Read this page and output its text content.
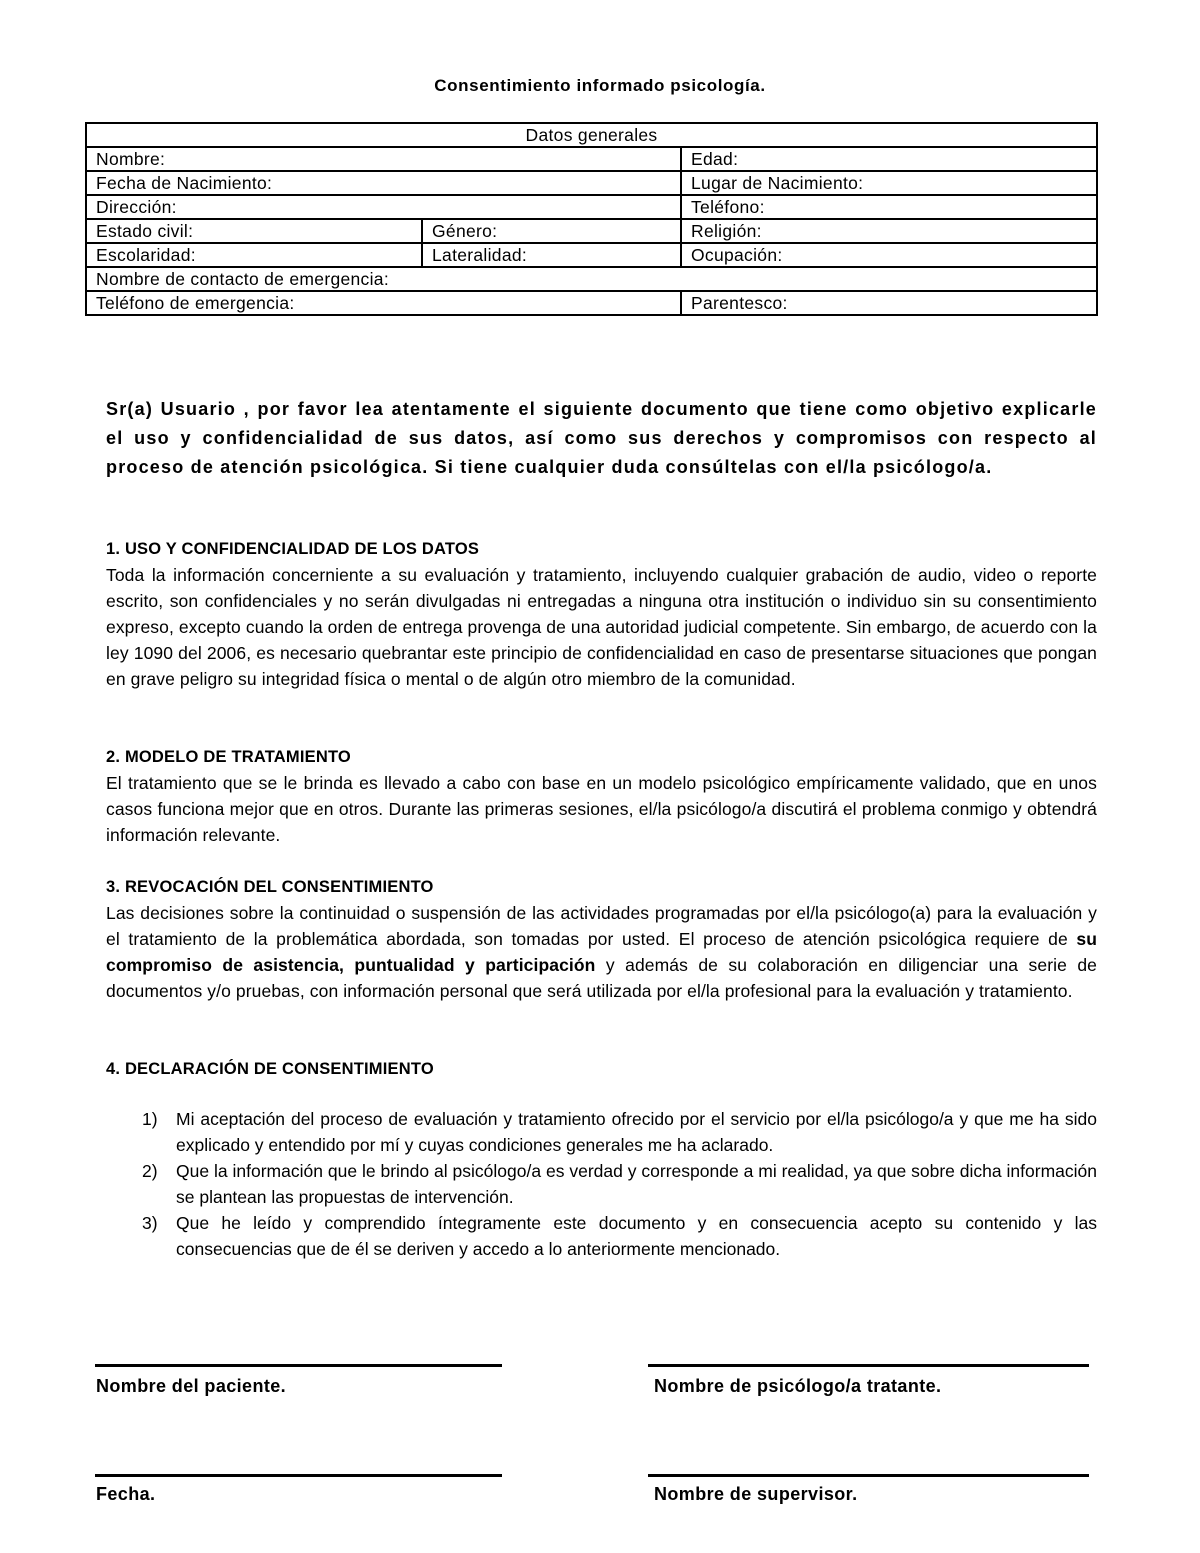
Consentimiento informado psicología.
Datos generales		
Nombre:		Edad:
Fecha de Nacimiento:		Lugar de Nacimiento:
Dirección:		Teléfono:
Estado civil:	Género:	Religión:
Escolaridad:	Lateralidad:	Ocupación:
Nombre de contacto de emergencia:		
Teléfono de emergencia:		Parentesco:
Sr(a) Usuario , por favor lea atentamente el siguiente documento que tiene como objetivo explicarle el uso y confidencialidad de sus datos, así como sus derechos y compromisos con respecto al proceso de atención psicológica. Si tiene cualquier duda consúltelas con el/la psicólogo/a.
1. USO Y CONFIDENCIALIDAD DE LOS DATOS
Toda la información concerniente a su evaluación y tratamiento, incluyendo cualquier grabación de audio, video o reporte escrito, son confidenciales y no serán divulgadas ni entregadas a ninguna otra institución o individuo sin su consentimiento expreso, excepto cuando la orden de entrega provenga de una autoridad judicial competente. Sin embargo, de acuerdo con la ley 1090 del 2006, es necesario quebrantar este principio de confidencialidad en caso de presentarse situaciones que pongan en grave peligro su integridad física o mental o de algún otro miembro de la comunidad.
2. MODELO DE TRATAMIENTO
El tratamiento que se le brinda es llevado a cabo con base en un modelo psicológico empíricamente validado, que en unos casos funciona mejor que en otros. Durante las primeras sesiones, el/la psicólogo/a discutirá el problema conmigo y obtendrá información relevante.
3. REVOCACIÓN DEL CONSENTIMIENTO
Las decisiones sobre la continuidad o suspensión de las actividades programadas por el/la psicólogo(a) para la evaluación y el tratamiento de la problemática abordada, son tomadas por usted. El proceso de atención psicológica requiere de su compromiso de asistencia, puntualidad y participación y además de su colaboración en diligenciar una serie de documentos y/o pruebas, con información personal que será utilizada por el/la profesional para la evaluación y tratamiento.
4. DECLARACIÓN DE CONSENTIMIENTO
1) Mi aceptación del proceso de evaluación y tratamiento ofrecido por el servicio por el/la psicólogo/a y que me ha sido explicado y entendido por mí y cuyas condiciones generales me ha aclarado.
2) Que la información que le brindo al psicólogo/a es verdad y corresponde a mi realidad, ya que sobre dicha información se plantean las propuestas de intervención.
3) Que he leído y comprendido íntegramente este documento y en consecuencia acepto su contenido y las consecuencias que de él se deriven y accedo a lo anteriormente mencionado.
Nombre del paciente.	Nombre de psicólogo/a tratante.
Fecha.	Nombre de supervisor.
